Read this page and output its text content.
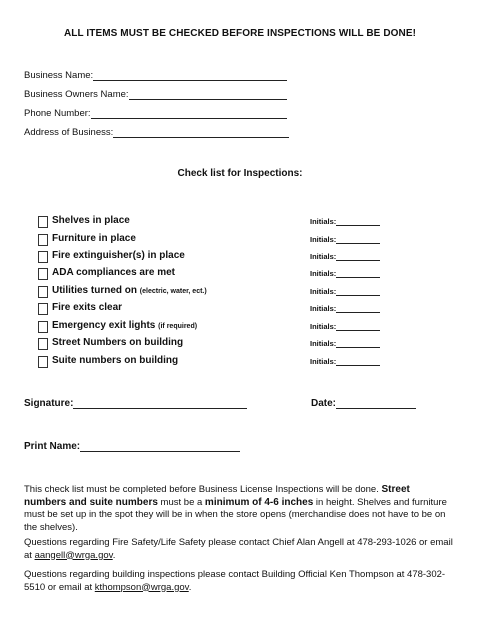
ALL ITEMS MUST BE CHECKED BEFORE INSPECTIONS WILL BE DONE!
Business Name:
Business Owners Name:
Phone Number:
Address of Business:
Check list for Inspections:
Shelves in place	Initials:
Furniture in place	Initials:
Fire extinguisher(s) in place	Initials:
ADA compliances are met	Initials:
Utilities turned on (electric, water, ect.)	Initials:
Fire exits clear	Initials:
Emergency exit lights (if required)	Initials:
Street Numbers on building	Initials:
Suite numbers on building	Initials:
Signature:	Date:
Print Name:
This check list must be completed before Business License Inspections will be done. Street numbers and suite numbers must be a minimum of 4-6 inches in height. Shelves and furniture must be set up in the spot they will be in when the store opens (merchandise does not have to be on the shelves).
Questions regarding Fire Safety/Life Safety please contact Chief Alan Angell at 478-293-1026 or email at aangell@wrga.gov.
Questions regarding building inspections please contact Building Official Ken Thompson at 478-302-5510 or email at kthompson@wrga.gov.
